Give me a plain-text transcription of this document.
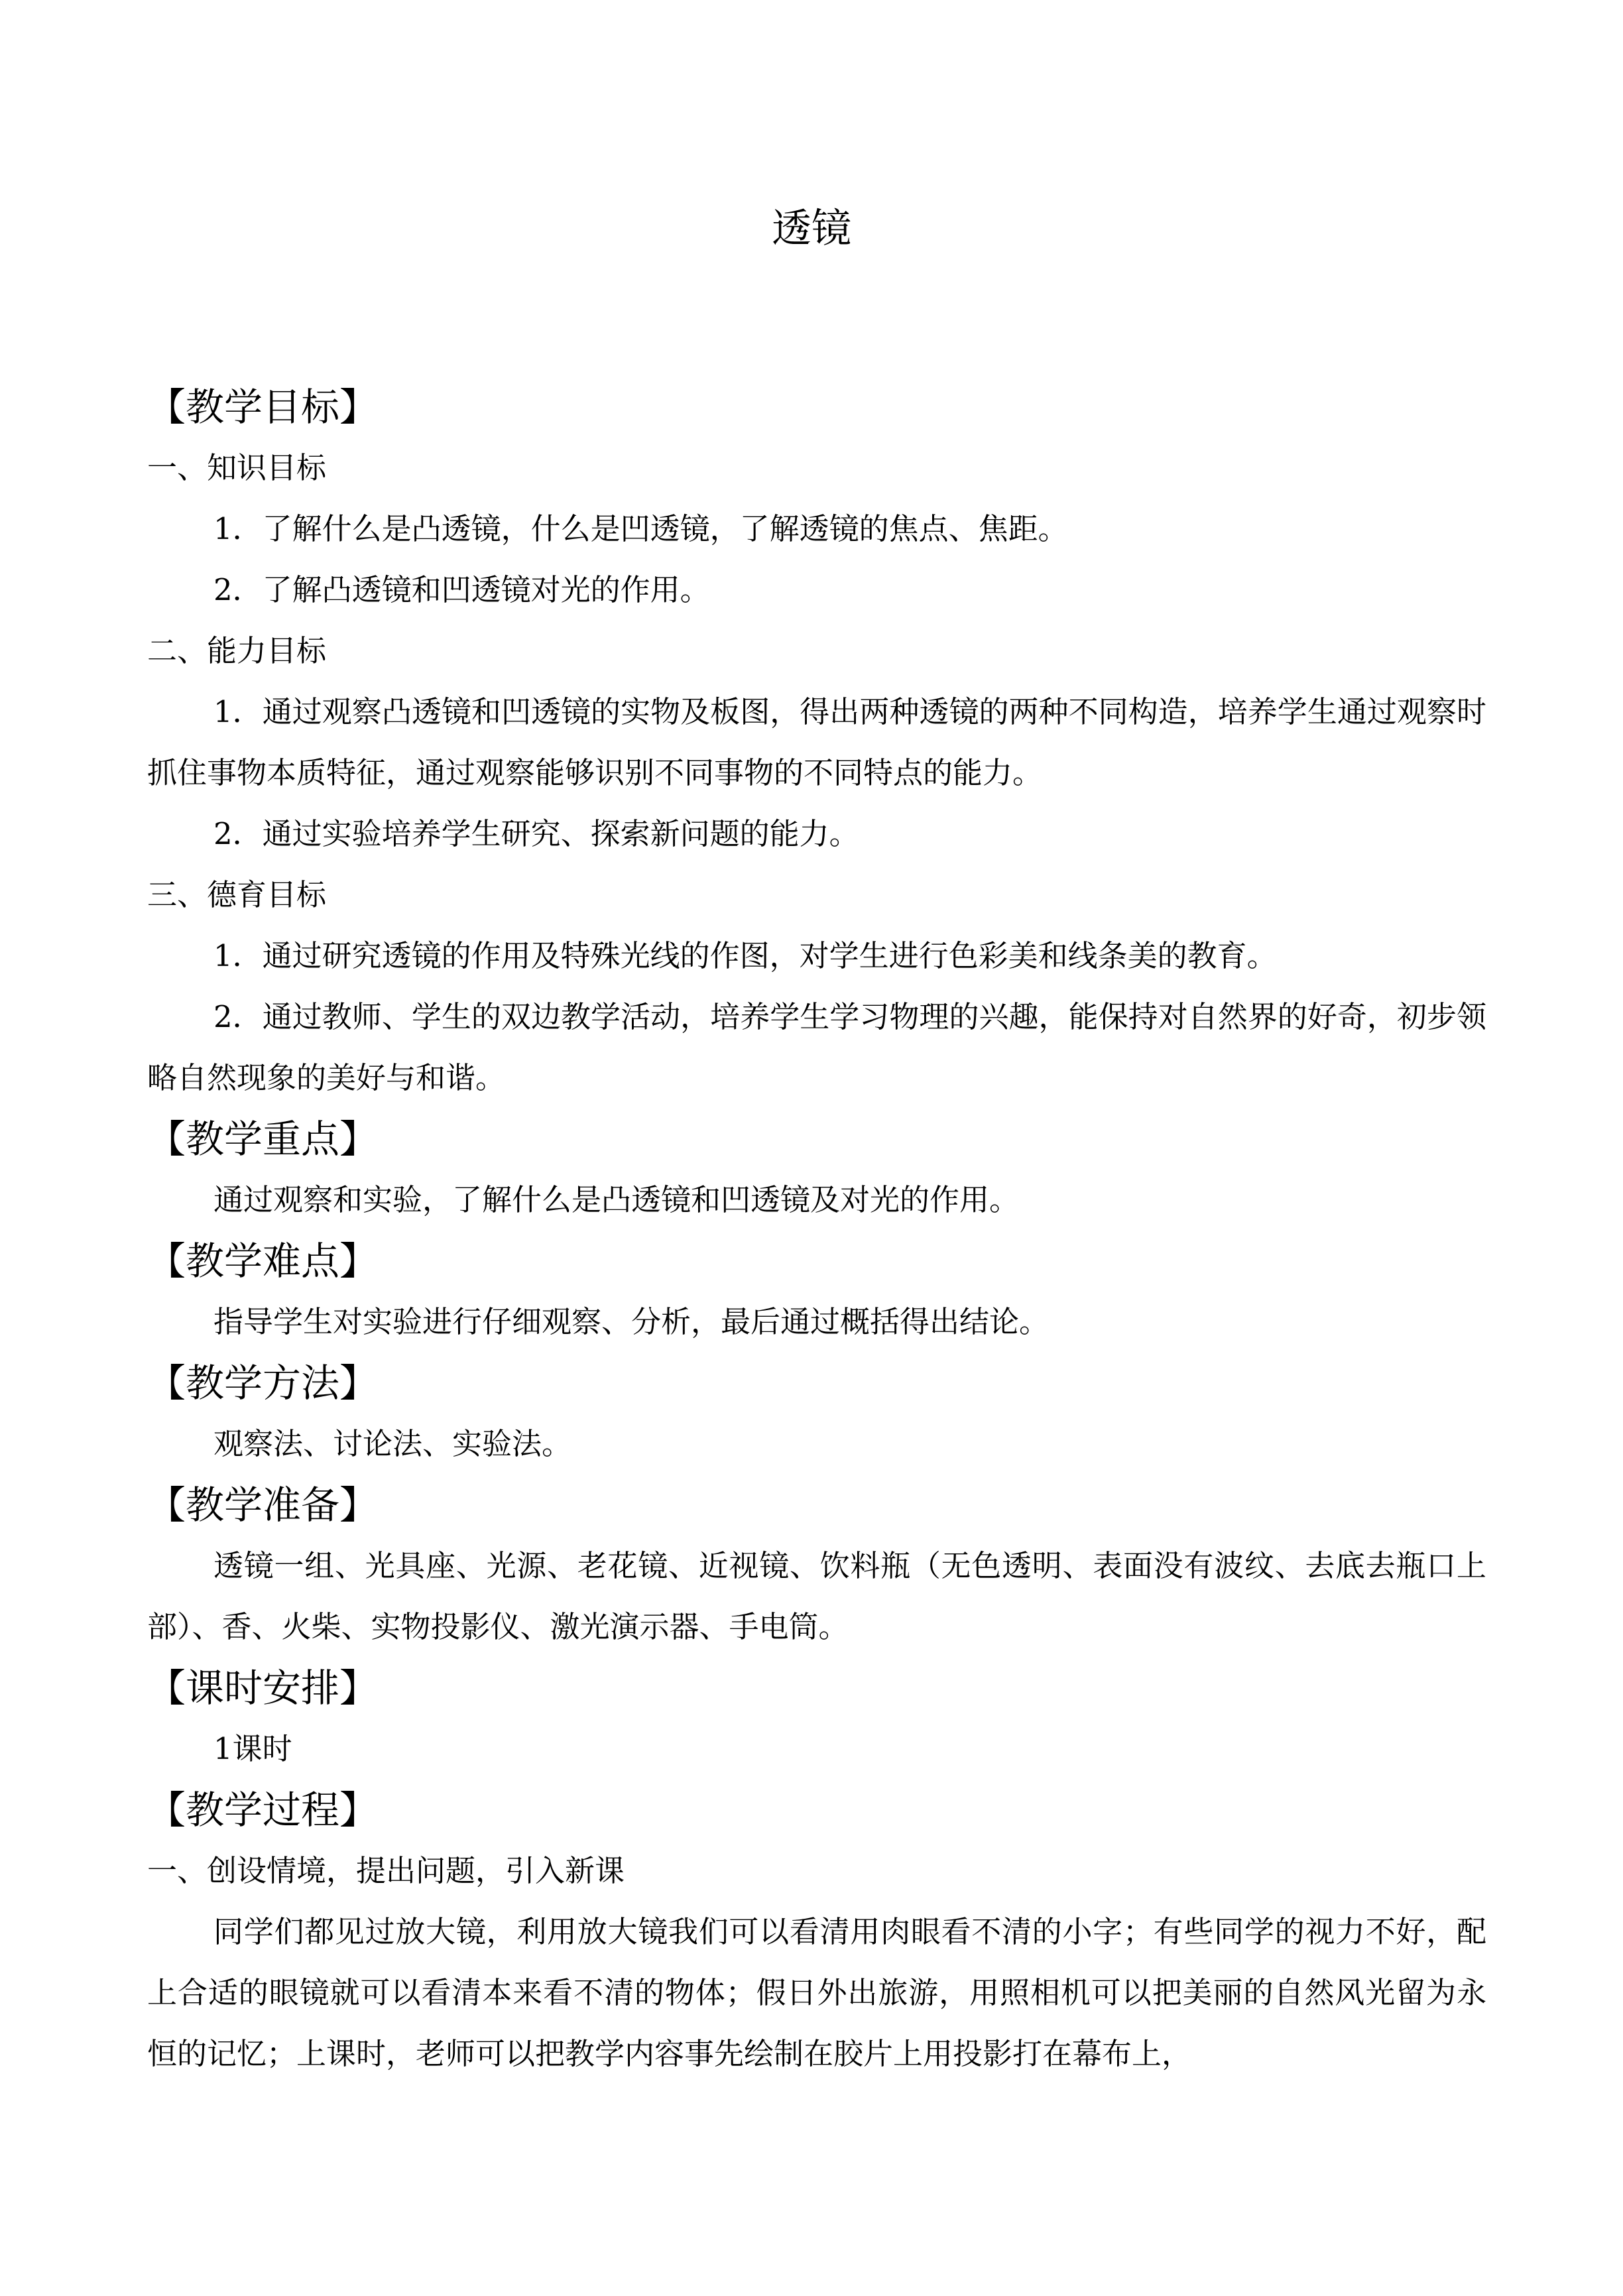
透镜
【教学目标】
一、知识目标
1．了解什么是凸透镜，什么是凹透镜，了解透镜的焦点、焦距。
2．了解凸透镜和凹透镜对光的作用。
二、能力目标
1．通过观察凸透镜和凹透镜的实物及板图，得出两种透镜的两种不同构造，培养学生通过观察时抓住事物本质特征，通过观察能够识别不同事物的不同特点的能力。
2．通过实验培养学生研究、探索新问题的能力。
三、德育目标
1．通过研究透镜的作用及特殊光线的作图，对学生进行色彩美和线条美的教育。
2．通过教师、学生的双边教学活动，培养学生学习物理的兴趣，能保持对自然界的好奇，初步领略自然现象的美好与和谐。
【教学重点】
通过观察和实验，了解什么是凸透镜和凹透镜及对光的作用。
【教学难点】
指导学生对实验进行仔细观察、分析，最后通过概括得出结论。
【教学方法】
观察法、讨论法、实验法。
【教学准备】
透镜一组、光具座、光源、老花镜、近视镜、饮料瓶（无色透明、表面没有波纹、去底去瓶口上部）、香、火柴、实物投影仪、激光演示器、手电筒。
【课时安排】
1课时
【教学过程】
一、创设情境，提出问题，引入新课
同学们都见过放大镜，利用放大镜我们可以看清用肉眼看不清的小字；有些同学的视力不好，配上合适的眼镜就可以看清本来看不清的物体；假日外出旅游，用照相机可以把美丽的自然风光留为永恒的记忆；上课时，老师可以把教学内容事先绘制在胶片上用投影打在幕布上，
